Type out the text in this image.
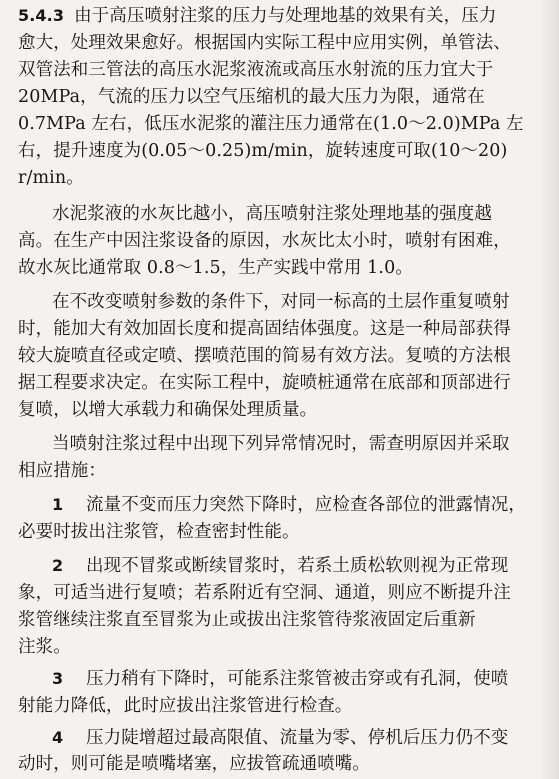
5.4.3 由于高压喷射注浆的压力与处理地基的效果有关，压力
愈大，处理效果愈好。根据国内实际工程中应用实例，单管法、
双管法和三管法的高压水泥浆液流或高压水射流的压力宜大于
20MPa，气流的压力以空气压缩机的最大压力为限，通常在
0.7MPa 左右，低压水泥浆的灌注压力通常在(1.0～2.0)MPa 左
右，提升速度为(0.05～0.25)m/min，旋转速度可取(10～20)
r/min。
水泥浆液的水灰比越小，高压喷射注浆处理地基的强度越
高。在生产中因注浆设备的原因，水灰比太小时，喷射有困难，
故水灰比通常取 0.8～1.5，生产实践中常用 1.0。
在不改变喷射参数的条件下，对同一标高的土层作重复喷射
时，能加大有效加固长度和提高固结体强度。这是一种局部获得
较大旋喷直径或定喷、摆喷范围的简易有效方法。复喷的方法根
据工程要求决定。在实际工程中，旋喷桩通常在底部和顶部进行
复喷，以增大承载力和确保处理质量。
当喷射注浆过程中出现下列异常情况时，需查明原因并采取
相应措施：
1 流量不变而压力突然下降时，应检查各部位的泄露情况，
必要时拔出注浆管，检查密封性能。
2 出现不冒浆或断续冒浆时，若系土质松软则视为正常现
象，可适当进行复喷；若系附近有空洞、通道，则应不断提升注
浆管继续注浆直至冒浆为止或拔出注浆管待浆液固定后重新
注浆。
3 压力稍有下降时，可能系注浆管被击穿或有孔洞，使喷
射能力降低，此时应拔出注浆管进行检查。
4 压力陡增超过最高限值、流量为零、停机后压力仍不变
动时，则可能是喷嘴堵塞，应拔管疏通喷嘴。
